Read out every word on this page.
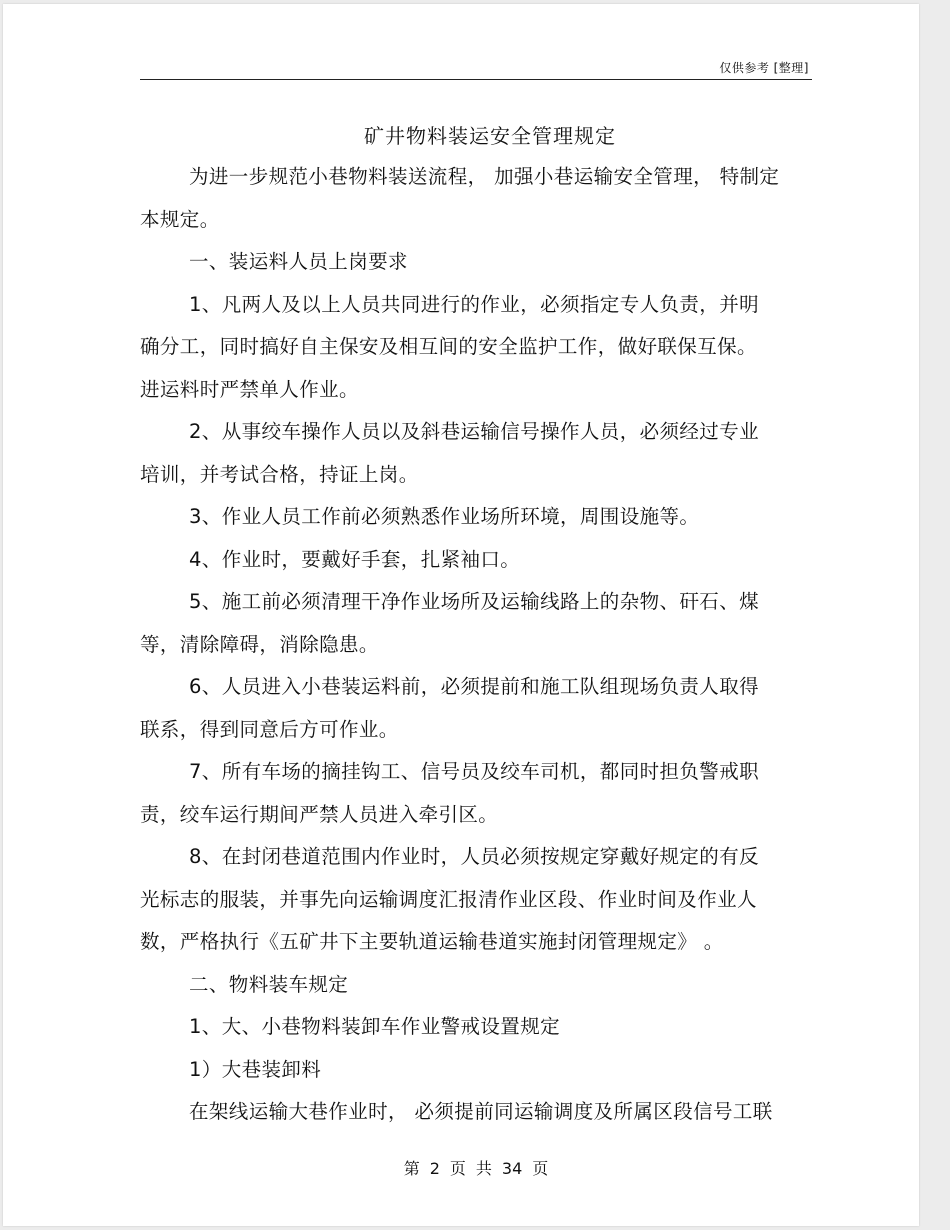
仅供参考 [整理]
矿井物料装运安全管理规定
为进一步规范小巷物料装送流程， 加强小巷运输安全管理， 特制定
本规定。
一、装运料人员上岗要求
1、凡两人及以上人员共同进行的作业，必须指定专人负责，并明
确分工，同时搞好自主保安及相互间的安全监护工作，做好联保互保。
进运料时严禁单人作业。
2、从事绞车操作人员以及斜巷运输信号操作人员，必须经过专业
培训，并考试合格，持证上岗。
3、作业人员工作前必须熟悉作业场所环境，周围设施等。
4、作业时，要戴好手套，扎紧袖口。
5、施工前必须清理干净作业场所及运输线路上的杂物、矸石、煤
等，清除障碍，消除隐患。
6、人员进入小巷装运料前，必须提前和施工队组现场负责人取得
联系，得到同意后方可作业。
7、所有车场的摘挂钩工、信号员及绞车司机，都同时担负警戒职
责，绞车运行期间严禁人员进入牵引区。
8、在封闭巷道范围内作业时，人员必须按规定穿戴好规定的有反
光标志的服装，并事先向运输调度汇报清作业区段、作业时间及作业人
数，严格执行《五矿井下主要轨道运输巷道实施封闭管理规定》 。
二、物料装车规定
1、大、小巷物料装卸车作业警戒设置规定
1）大巷装卸料
在架线运输大巷作业时， 必须提前同运输调度及所属区段信号工联
第 2 页 共 34 页
